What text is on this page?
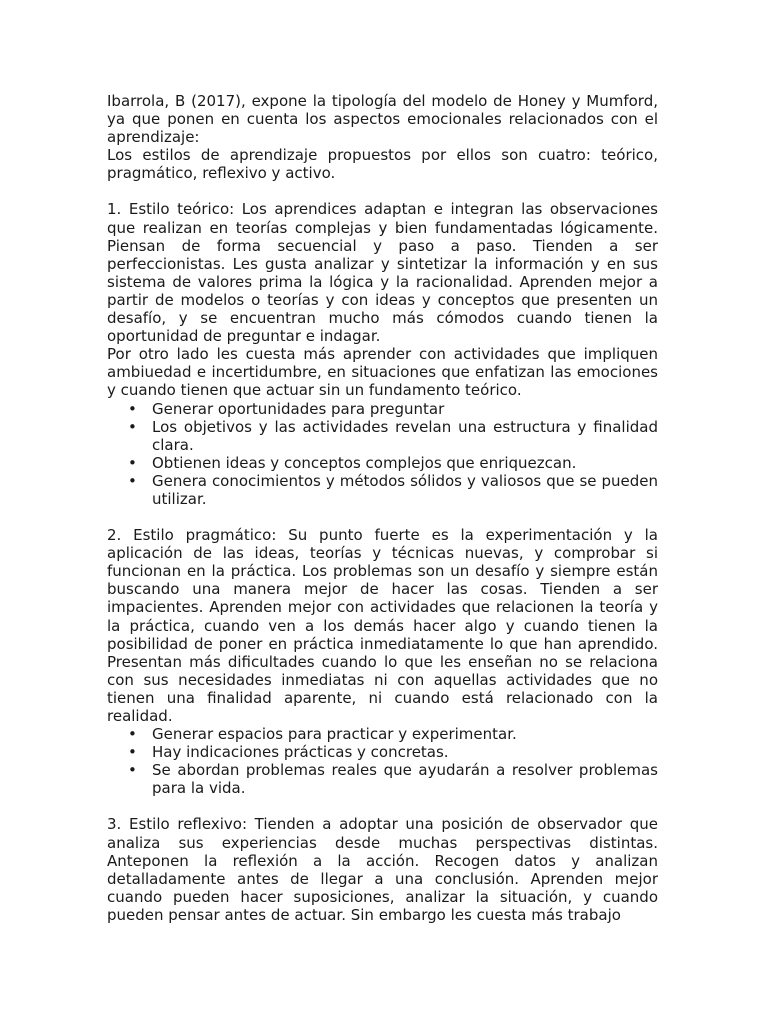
Ibarrola, B (2017), expone la tipología del modelo de Honey y Mumford, ya que ponen en cuenta los aspectos emocionales relacionados con el aprendizaje:

Los estilos de aprendizaje propuestos por ellos son cuatro: teórico, pragmático, reflexivo y activo.

1. Estilo teórico: Los aprendices adaptan e integran las observaciones que realizan en teorías complejas y bien fundamentadas lógicamente. Piensan de forma secuencial y paso a paso. Tienden a ser perfeccionistas. Les gusta analizar y sintetizar la información y en sus sistema de valores prima la lógica y la racionalidad. Aprenden mejor a partir de modelos o teorías y con ideas y conceptos que presenten un desafío, y se encuentran mucho más cómodos cuando tienen la oportunidad de preguntar e indagar.

Por otro lado les cuesta más aprender con actividades que impliquen ambiuedad e incertidumbre, en situaciones que enfatizan las emociones y cuando tienen que actuar sin un fundamento teórico.

• Generar oportunidades para preguntar
• Los objetivos y las actividades revelan una estructura y finalidad clara.
• Obtienen ideas y conceptos complejos que enriquezcan.
• Genera conocimientos y métodos sólidos y valiosos que se pueden utilizar.

2. Estilo pragmático: Su punto fuerte es la experimentación y la aplicación de las ideas, teorías y técnicas nuevas, y comprobar si funcionan en la práctica. Los problemas son un desafío y siempre están buscando una manera mejor de hacer las cosas. Tienden a ser impacientes. Aprenden mejor con actividades que relacionen la teoría y la práctica, cuando ven a los demás hacer algo y cuando tienen la posibilidad de poner en práctica inmediatamente lo que han aprendido. Presentan más dificultades cuando lo que les enseñan no se relaciona con sus necesidades inmediatas ni con aquellas actividades que no tienen una finalidad aparente, ni cuando está relacionado con la realidad.

• Generar espacios para practicar y experimentar.
• Hay indicaciones prácticas y concretas.
• Se abordan problemas reales que ayudarán a resolver problemas para la vida.

3. Estilo reflexivo: Tienden a adoptar una posición de observador que analiza sus experiencias desde muchas perspectivas distintas. Anteponen la reflexión a la acción. Recogen datos y analizan detalladamente antes de llegar a una conclusión. Aprenden mejor cuando pueden hacer suposiciones, analizar la situación, y cuando pueden pensar antes de actuar. Sin embargo les cuesta más trabajo
